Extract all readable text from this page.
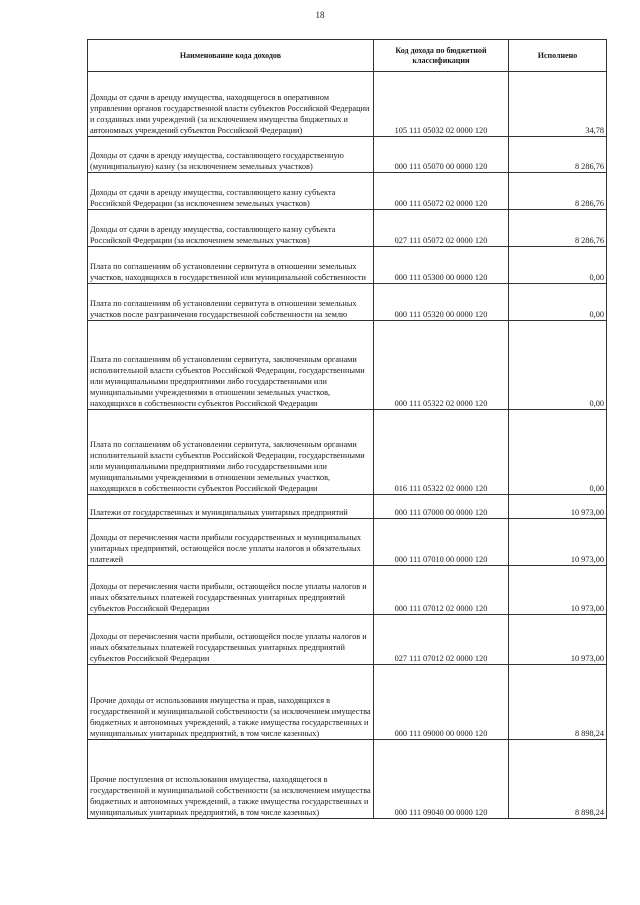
18
Наименование кода доходов	Код дохода по бюджетной классификации	Исполнено
Доходы от сдачи в аренду имущества, находящегося в оперативном управлении органов государственной власти субъектов Российской Федерации и созданных ими учреждений (за исключением имущества бюджетных и автономных учреждений субъектов Российской Федерации)	105 111 05032 02 0000 120	34,78
Доходы от сдачи в аренду имущества, составляющего государственную (муниципальную) казну (за исключением земельных участков)	000 111 05070 00 0000 120	8 286,76
Доходы от сдачи в аренду имущества, составляющего казну субъекта Российской Федерации (за исключением земельных участков)	000 111 05072 02 0000 120	8 286,76
Доходы от сдачи в аренду имущества, составляющего казну субъекта Российской Федерации (за исключением земельных участков)	027 111 05072 02 0000 120	8 286,76
Плата по соглашениям об установлении сервитута в отношении земельных участков, находящихся в государственной или муниципальной собственности	000 111 05300 00 0000 120	0,00
Плата по соглашениям об установлении сервитута в отношении земельных участков после разграничения государственной собственности на землю	000 111 05320 00 0000 120	0,00
Плата по соглашениям об установлении сервитута, заключенным органами исполнительной власти субъектов Российской Федерации, государственными или муниципальными предприятиями либо государственными или муниципальными учреждениями в отношении земельных участков, находящихся в собственности субъектов Российской Федерации	000 111 05322 02 0000 120	0,00
Плата по соглашениям об установлении сервитута, заключенным органами исполнительной власти субъектов Российской Федерации, государственными или муниципальными предприятиями либо государственными или муниципальными учреждениями в отношении земельных участков, находящихся в собственности субъектов Российской Федерации	016 111 05322 02 0000 120	0,00
Платежи от государственных и муниципальных унитарных предприятий	000 111 07000 00 0000 120	10 973,00
Доходы от перечисления части прибыли государственных и муниципальных унитарных предприятий, остающейся после уплаты налогов и обязательных платежей	000 111 07010 00 0000 120	10 973,00
Доходы от перечисления части прибыли, остающейся после уплаты налогов и иных обязательных платежей государственных унитарных предприятий субъектов Российской Федерации	000 111 07012 02 0000 120	10 973,00
Доходы от перечисления части прибыли, остающейся после уплаты налогов и иных обязательных платежей государственных унитарных предприятий субъектов Российской Федерации	027 111 07012 02 0000 120	10 973,00
Прочие доходы от использования имущества и прав, находящихся в государственной и муниципальной собственности (за исключением имущества бюджетных и автономных учреждений, а также имущества государственных и муниципальных унитарных предприятий, в том числе казенных)	000 111 09000 00 0000 120	8 898,24
Прочие поступления от использования имущества, находящегося в государственной и муниципальной собственности (за исключением имущества бюджетных и автономных учреждений, а также имущества государственных и муниципальных унитарных предприятий, в том числе казенных)	000 111 09040 00 0000 120	8 898,24
